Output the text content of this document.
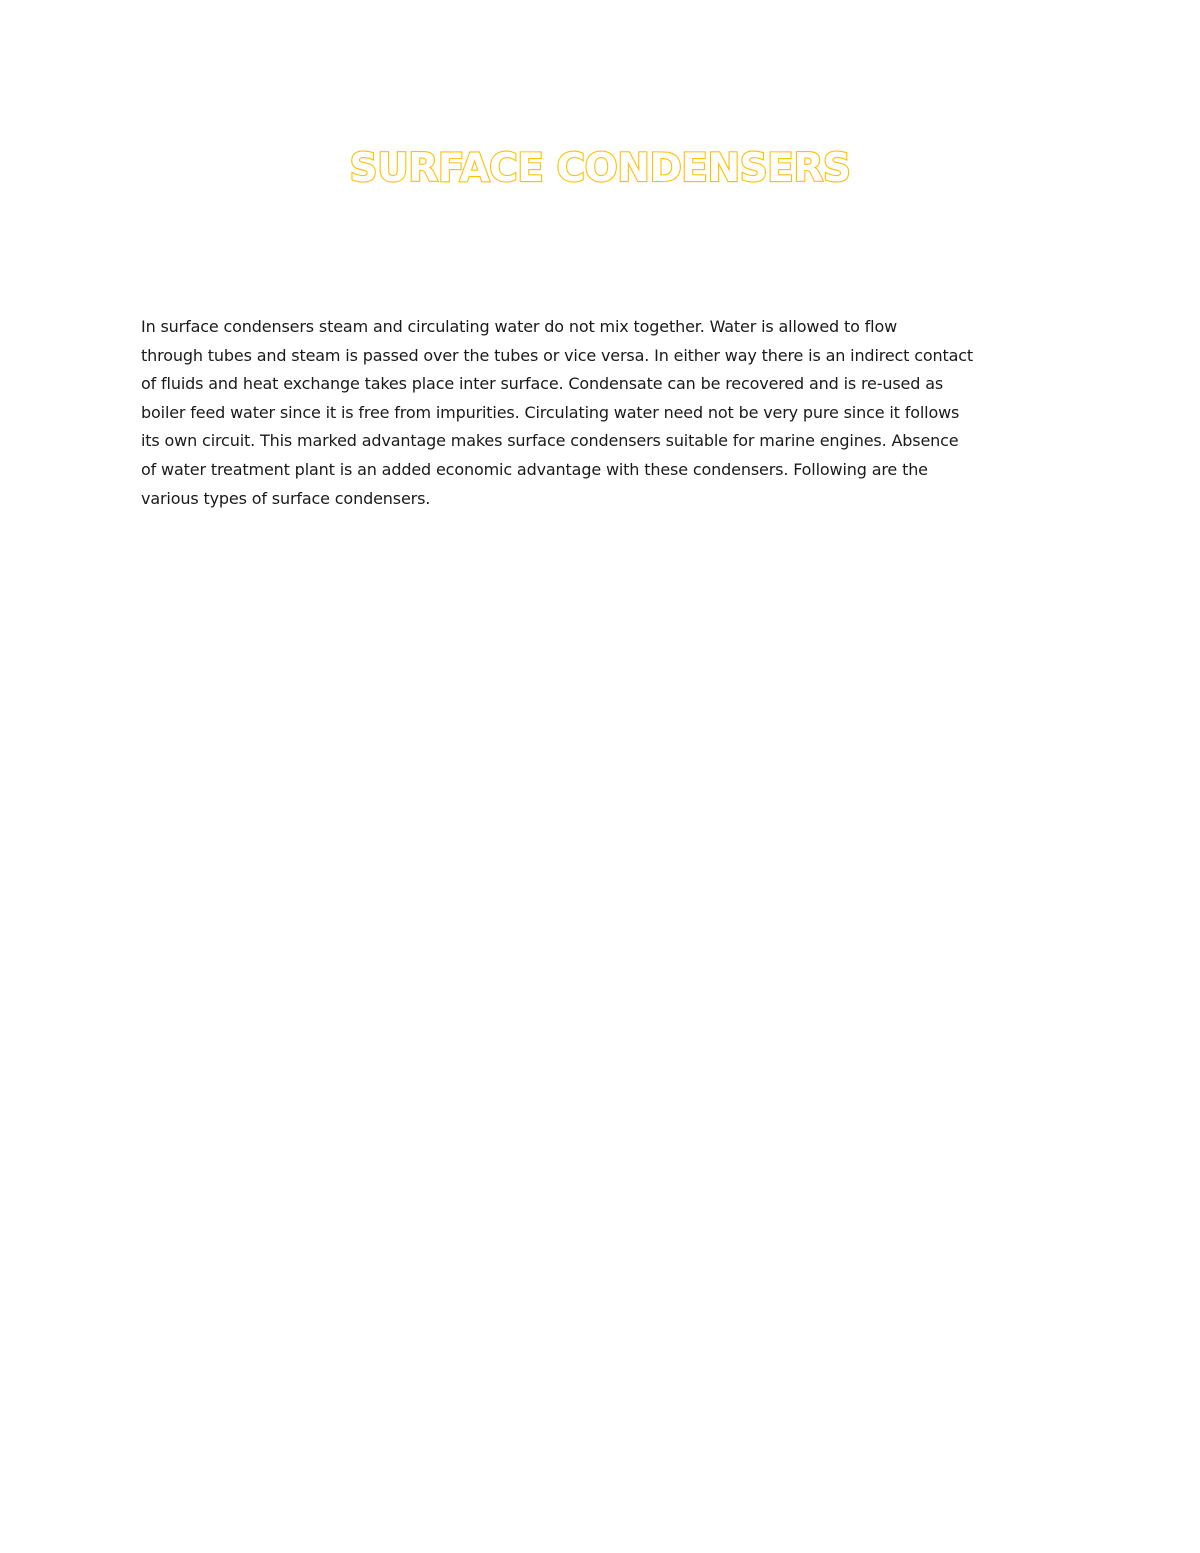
SURFACE CONDENSERS

In surface condensers steam and circulating water do not mix together. Water is allowed to flow
through tubes and steam is passed over the tubes or vice versa. In either way there is an indirect contact
of fluids and heat exchange takes place inter surface. Condensate can be recovered and is re-used as
boiler feed water since it is free from impurities. Circulating water need not be very pure since it follows
its own circuit. This marked advantage makes surface condensers suitable for marine engines. Absence
of water treatment plant is an added economic advantage with these condensers. Following are the
various types of surface condensers.
